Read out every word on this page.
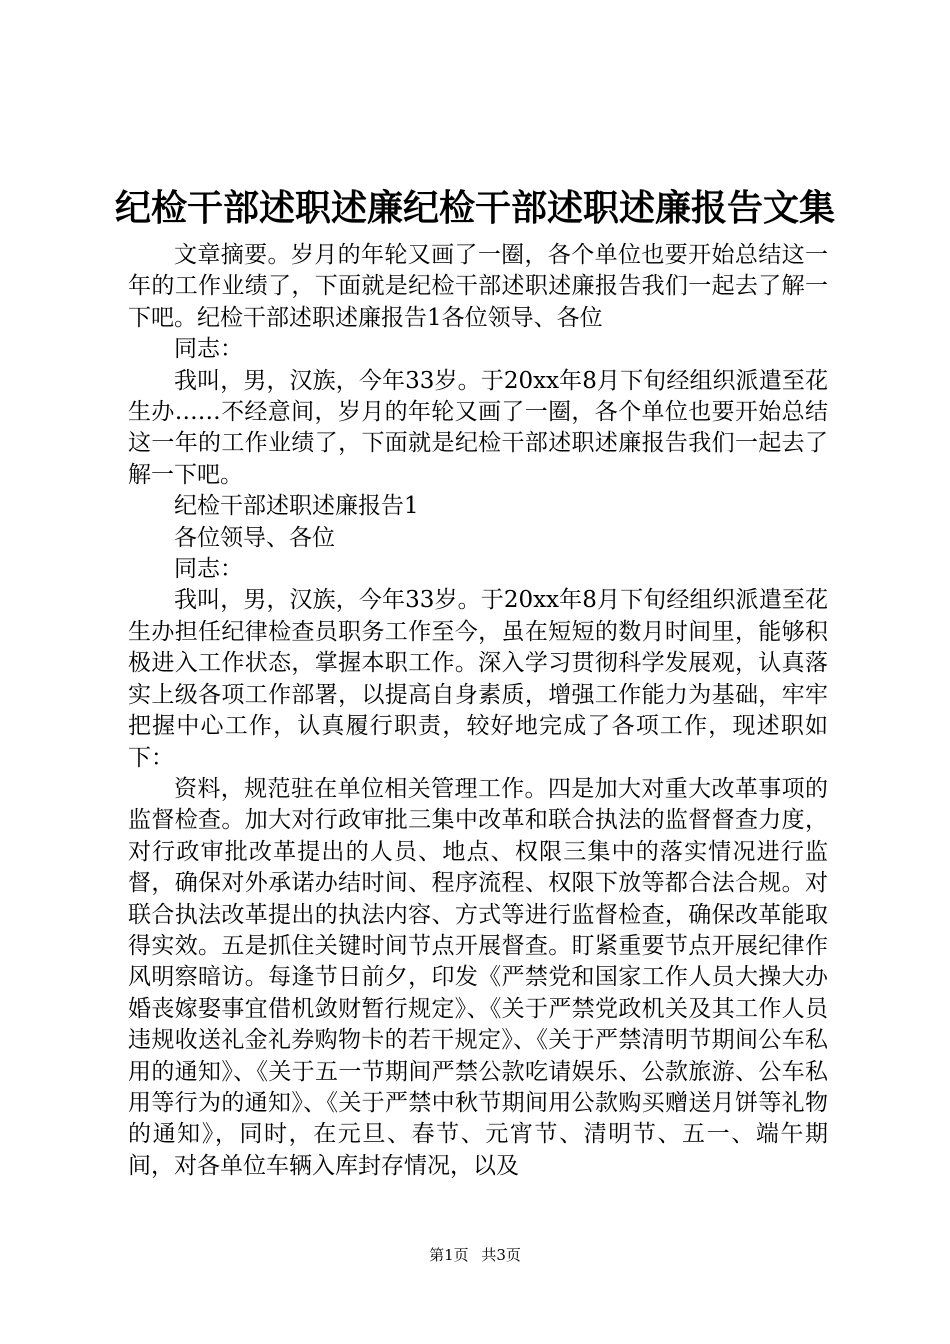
纪检干部述职述廉纪检干部述职述廉报告文集

文章摘要。岁月的年轮又画了一圈，各个单位也要开始总结这一年的工作业绩了，下面就是纪检干部述职述廉报告我们一起去了解一下吧。纪检干部述职述廉报告1各位领导、各位

同志：

我叫，男，汉族，今年33岁。于20xx年8月下旬经组织派遣至花生办……不经意间，岁月的年轮又画了一圈，各个单位也要开始总结这一年的工作业绩了，下面就是纪检干部述职述廉报告我们一起去了解一下吧。

纪检干部述职述廉报告1

各位领导、各位

同志：

我叫，男，汉族，今年33岁。于20xx年8月下旬经组织派遣至花生办担任纪律检查员职务工作至今，虽在短短的数月时间里，能够积极进入工作状态，掌握本职工作。深入学习贯彻科学发展观，认真落实上级各项工作部署，以提高自身素质，增强工作能力为基础，牢牢把握中心工作，认真履行职责，较好地完成了各项工作，现述职如下：

资料，规范驻在单位相关管理工作。四是加大对重大改革事项的监督检查。加大对行政审批三集中改革和联合执法的监督督查力度，对行政审批改革提出的人员、地点、权限三集中的落实情况进行监督，确保对外承诺办结时间、程序流程、权限下放等都合法合规。对联合执法改革提出的执法内容、方式等进行监督检查，确保改革能取得实效。五是抓住关键时间节点开展督查。盯紧重要节点开展纪律作风明察暗访。每逢节日前夕，印发《严禁党和国家工作人员大操大办婚丧嫁娶事宜借机敛财暂行规定》、《关于严禁党政机关及其工作人员违规收送礼金礼券购物卡的若干规定》、《关于严禁清明节期间公车私用的通知》、《关于五一节期间严禁公款吃请娱乐、公款旅游、公车私用等行为的通知》、《关于严禁中秋节期间用公款购买赠送月饼等礼物的通知》，同时，在元旦、春节、元宵节、清明节、五一、端午期间，对各单位车辆入库封存情况，以及

第1页 共3页
